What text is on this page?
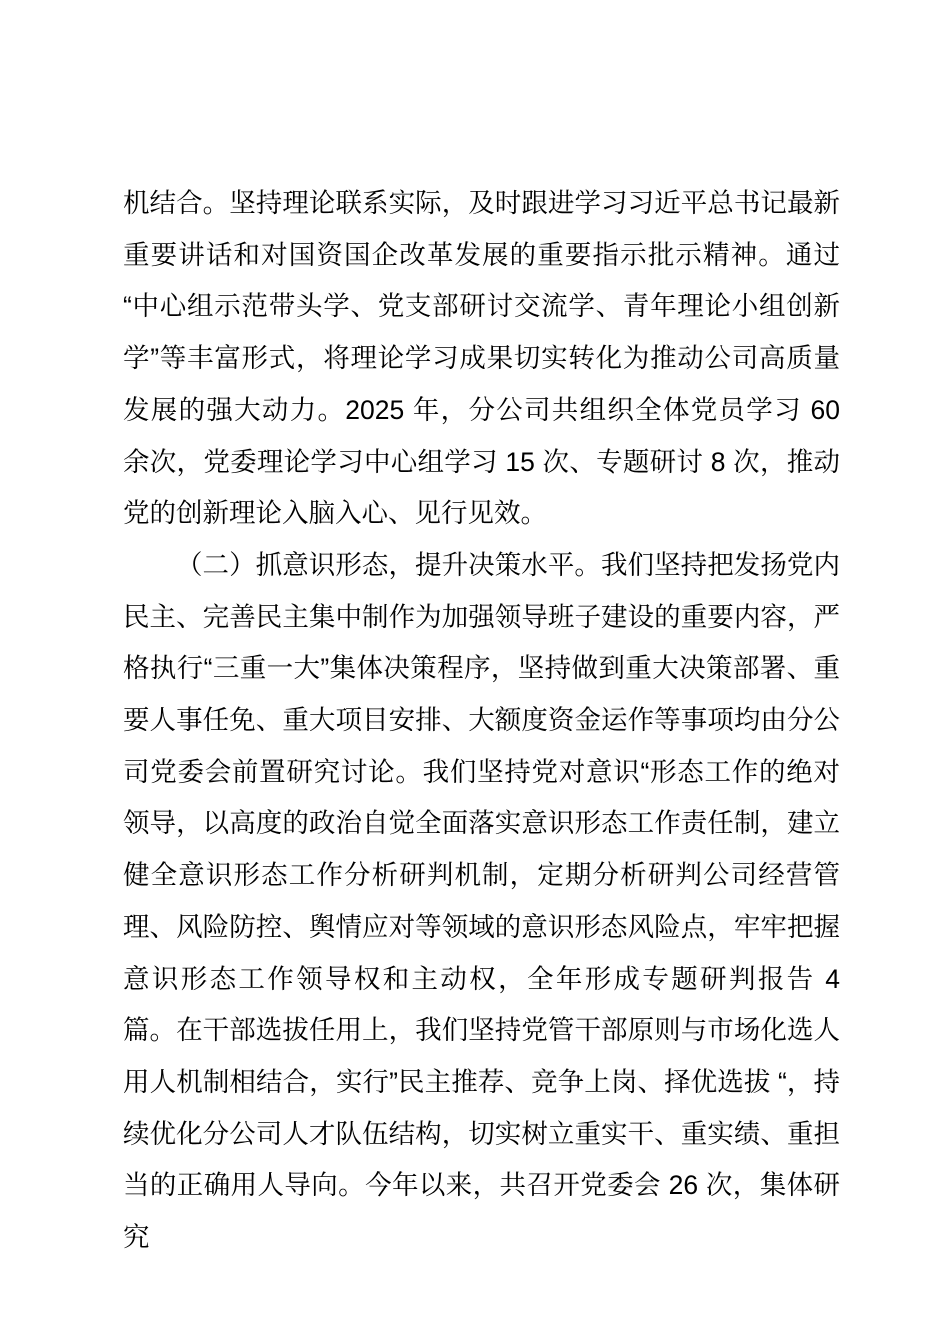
机结合。坚持理论联系实际，及时跟进学习习近平总书记最新重要讲话和对国资国企改革发展的重要指示批示精神。通过“中心组示范带头学、党支部研讨交流学、青年理论小组创新学”等丰富形式，将理论学习成果切实转化为推动公司高质量发展的强大动力。2025 年，分公司共组织全体党员学习 60 余次，党委理论学习中心组学习 15 次、专题研讨 8 次，推动党的创新理论入脑入心、见行见效。

（二）抓意识形态，提升决策水平。我们坚持把发扬党内民主、完善民主集中制作为加强领导班子建设的重要内容，严格执行“三重一大”集体决策程序，坚持做到重大决策部署、重要人事任免、重大项目安排、大额度资金运作等事项均由分公司党委会前置研究讨论。我们坚持党对意识“形态工作的绝对领导，以高度的政治自觉全面落实意识形态工作责任制，建立健全意识形态工作分析研判机制，定期分析研判公司经营管理、风险防控、舆情应对等领域的意识形态风险点，牢牢把握意识形态工作领导权和主动权，全年形成专题研判报告 4 篇。在干部选拔任用上，我们坚持党管干部原则与市场化选人用人机制相结合，实行”民主推荐、竞争上岗、择优选拔 “，持续优化分公司人才队伍结构，切实树立重实干、重实绩、重担当的正确用人导向。今年以来，共召开党委会 26 次，集体研究
